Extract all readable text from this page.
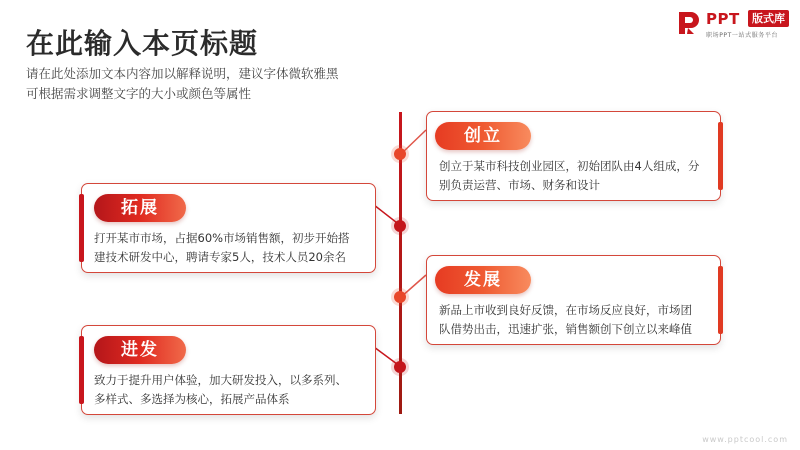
在此输入本页标题
请在此处添加文本内容加以解释说明，建议字体微软雅黑
可根据需求调整文字的大小或颜色等属性
PPT	版式库
职场PPT一站式服务平台
创立
创立于某市科技创业园区，初始团队由4人组成，分
别负责运营、市场、财务和设计
拓展
打开某市市场，占据60%市场销售额，初步开始搭
建技术研发中心，聘请专家5人，技术人员20余名
发展
新品上市收到良好反馈，在市场反应良好，市场团
队借势出击，迅速扩张，销售额创下创立以来峰值
进发
致力于提升用户体验，加大研发投入，以多系列、
多样式、多选择为核心，拓展产品体系
www.pptcool.com
